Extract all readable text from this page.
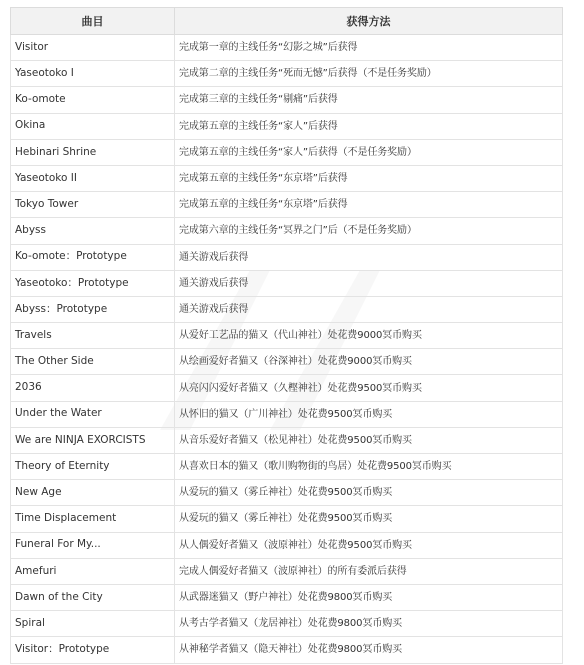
曲目	获得方法
Visitor	完成第一章的主线任务“幻影之城”后获得
Yaseotoko I	完成第二章的主线任务“死而无憾”后获得（不是任务奖励）
Ko-omote	完成第三章的主线任务“剔痛”后获得
Okina	完成第五章的主线任务“家人”后获得
Hebinari Shrine	完成第五章的主线任务“家人”后获得（不是任务奖励）
Yaseotoko II	完成第五章的主线任务“东京塔”后获得
Tokyo Tower	完成第五章的主线任务“东京塔”后获得
Abyss	完成第六章的主线任务“冥界之门”后（不是任务奖励）
Ko-omote：Prototype	通关游戏后获得
Yaseotoko：Prototype	通关游戏后获得
Abyss：Prototype	通关游戏后获得
Travels	从爱好工艺品的猫又（代山神社）处花费9000冥币购买
The Other Side	从绘画爱好者猫又（谷深神社）处花费9000冥币购买
2036	从亮闪闪爱好者猫又（久樫神社）处花费9500冥币购买
Under the Water	从怀旧的猫又（广川神社）处花费9500冥币购买
We are NINJA EXORCISTS	从音乐爱好者猫又（松见神社）处花费9500冥币购买
Theory of Eternity	从喜欢日本的猫又（歌川购物街的鸟居）处花费9500冥币购买
New Age	从爱玩的猫又（雾丘神社）处花费9500冥币购买
Time Displacement	从爱玩的猫又（雾丘神社）处花费9500冥币购买
Funeral For My...	从人偶爱好者猫又（波原神社）处花费9500冥币购买
Amefuri	完成人偶爱好者猫又（波原神社）的所有委派后获得
Dawn of the City	从武器迷猫又（野户神社）处花费9800冥币购买
Spiral	从考古学者猫又（龙居神社）处花费9800冥币购买
Visitor：Prototype	从神秘学者猫又（隐天神社）处花费9800冥币购买
